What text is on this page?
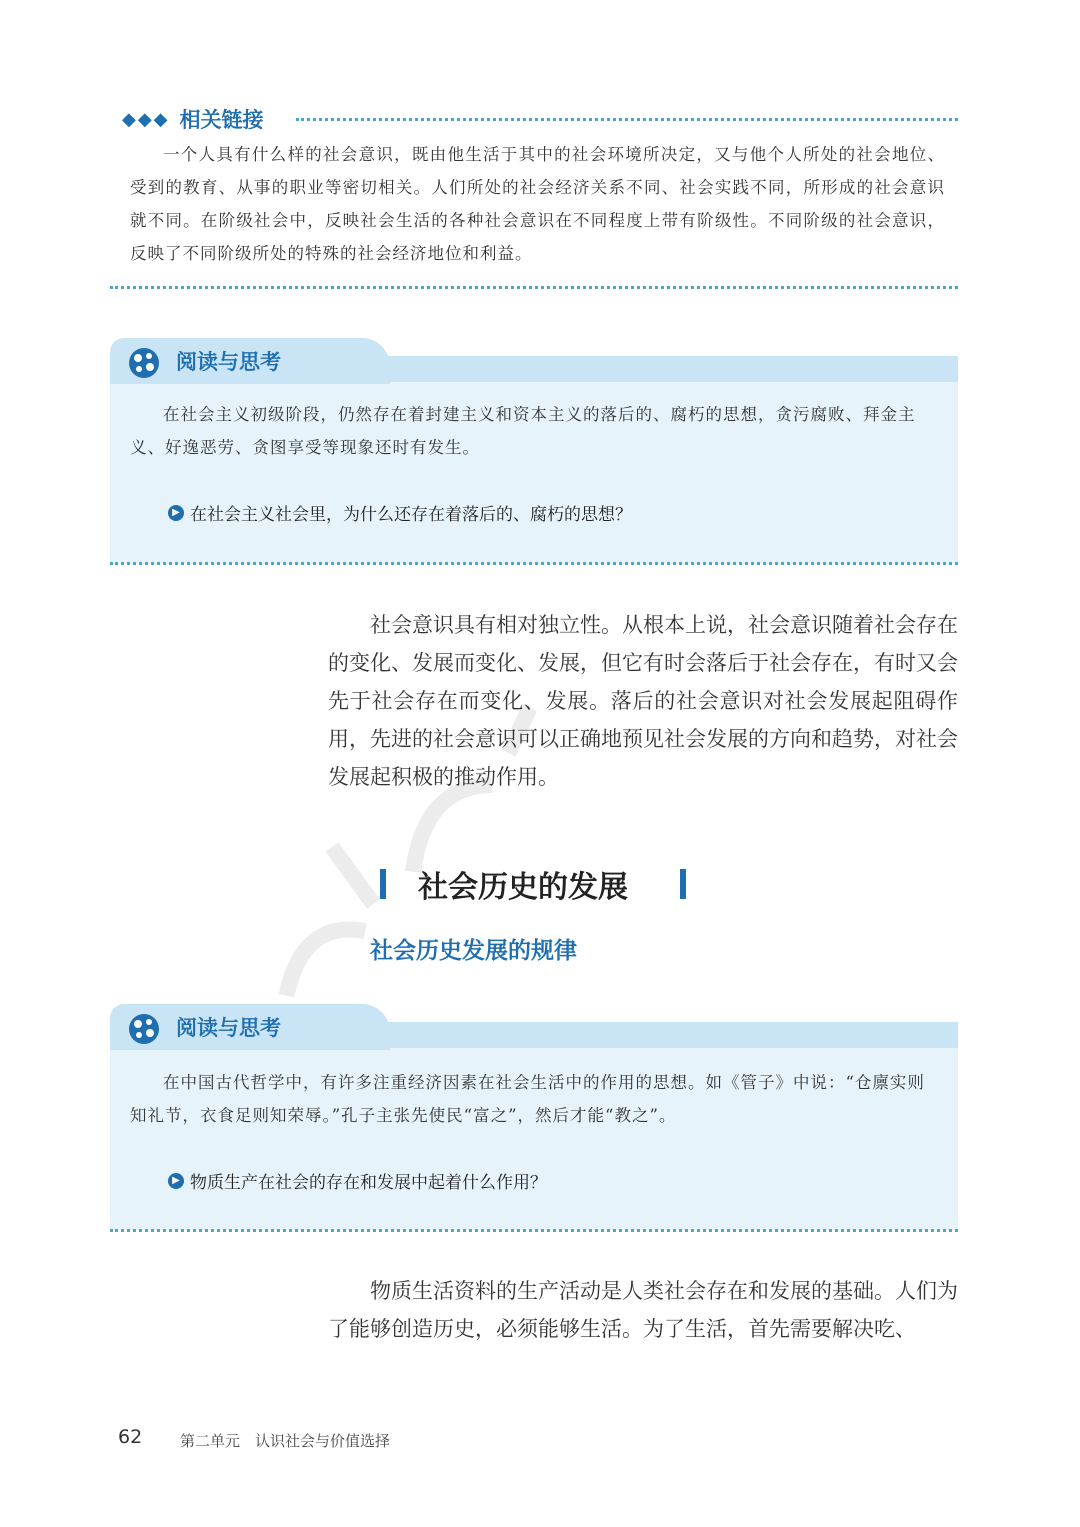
◆◆◆ 相关链接
一个人具有什么样的社会意识，既由他生活于其中的社会环境所决定，又与他个人所处的社会地位、受到的教育、从事的职业等密切相关。人们所处的社会经济关系不同、社会实践不同，所形成的社会意识就不同。在阶级社会中，反映社会生活的各种社会意识在不同程度上带有阶级性。不同阶级的社会意识，反映了不同阶级所处的特殊的社会经济地位和利益。
阅读与思考
在社会主义初级阶段，仍然存在着封建主义和资本主义的落后的、腐朽的思想，贪污腐败、拜金主义、好逸恶劳、贪图享受等现象还时有发生。
▶ 在社会主义社会里，为什么还存在着落后的、腐朽的思想？
社会意识具有相对独立性。从根本上说，社会意识随着社会存在的变化、发展而变化、发展，但它有时会落后于社会存在，有时又会先于社会存在而变化、发展。落后的社会意识对社会发展起阻碍作用，先进的社会意识可以正确地预见社会发展的方向和趋势，对社会发展起积极的推动作用。
社会历史的发展
社会历史发展的规律
阅读与思考
在中国古代哲学中，有许多注重经济因素在社会生活中的作用的思想。如《管子》中说：“仓廪实则知礼节，衣食足则知荣辱。”孔子主张先使民“富之”，然后才能“教之”。
▶ 物质生产在社会的存在和发展中起着什么作用？
物质生活资料的生产活动是人类社会存在和发展的基础。人们为了能够创造历史，必须能够生活。为了生活，首先需要解决吃、
62	第二单元　认识社会与价值选择
